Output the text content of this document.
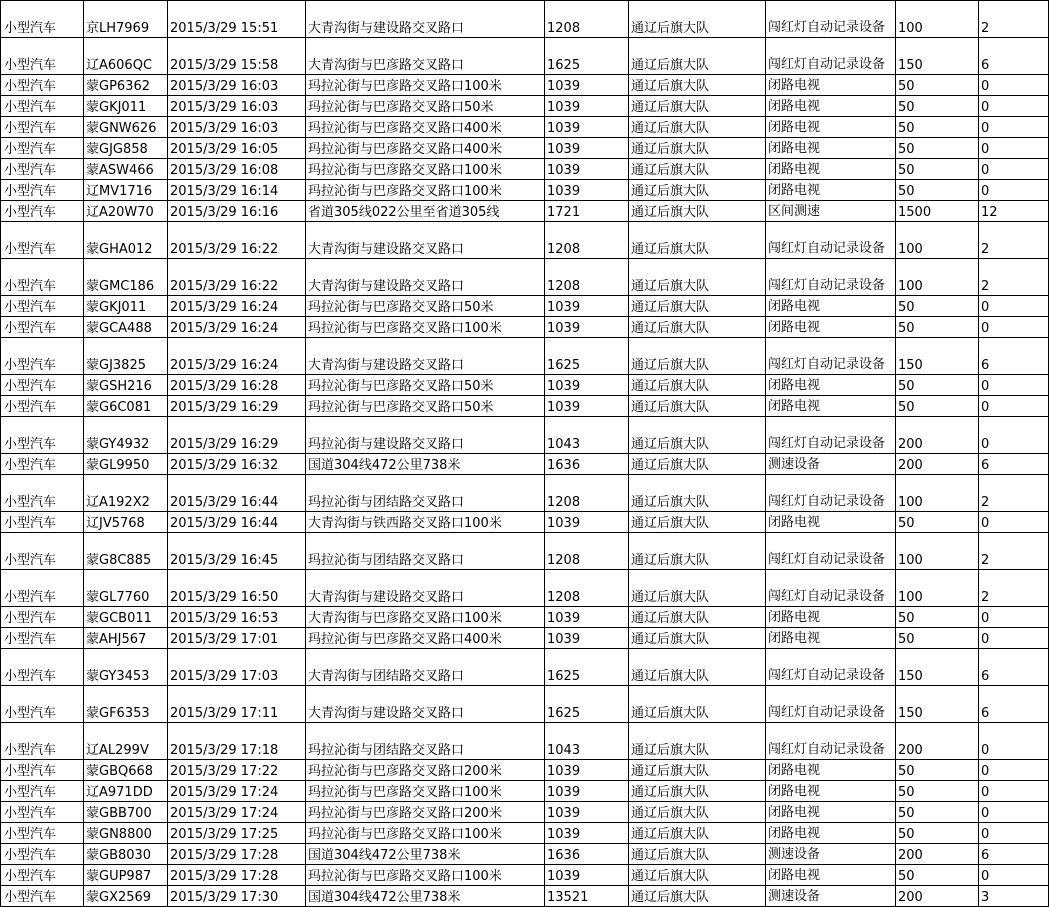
小型汽车	京LH7969	2015/3/29 15:51	大青沟街与建设路交叉路口	1208	通辽后旗大队	闯红灯自动记录设备	100	2
小型汽车	辽A606QC	2015/3/29 15:58	大青沟街与巴彦路交叉路口	1625	通辽后旗大队	闯红灯自动记录设备	150	6
小型汽车	蒙GP6362	2015/3/29 16:03	玛拉沁街与巴彦路交叉路口100米	1039	通辽后旗大队	闭路电视	50	0
小型汽车	蒙GKJ011	2015/3/29 16:03	玛拉沁街与巴彦路交叉路口50米	1039	通辽后旗大队	闭路电视	50	0
小型汽车	蒙GNW626	2015/3/29 16:03	玛拉沁街与巴彦路交叉路口400米	1039	通辽后旗大队	闭路电视	50	0
小型汽车	蒙GJG858	2015/3/29 16:05	玛拉沁街与巴彦路交叉路口400米	1039	通辽后旗大队	闭路电视	50	0
小型汽车	蒙ASW466	2015/3/29 16:08	玛拉沁街与巴彦路交叉路口100米	1039	通辽后旗大队	闭路电视	50	0
小型汽车	辽MV1716	2015/3/29 16:14	玛拉沁街与巴彦路交叉路口100米	1039	通辽后旗大队	闭路电视	50	0
小型汽车	辽A20W70	2015/3/29 16:16	省道305线022公里至省道305线	1721	通辽后旗大队	区间测速	1500	12
小型汽车	蒙GHA012	2015/3/29 16:22	大青沟街与建设路交叉路口	1208	通辽后旗大队	闯红灯自动记录设备	100	2
小型汽车	蒙GMC186	2015/3/29 16:22	大青沟街与建设路交叉路口	1208	通辽后旗大队	闯红灯自动记录设备	100	2
小型汽车	蒙GKJ011	2015/3/29 16:24	玛拉沁街与巴彦路交叉路口50米	1039	通辽后旗大队	闭路电视	50	0
小型汽车	蒙GCA488	2015/3/29 16:24	玛拉沁街与巴彦路交叉路口100米	1039	通辽后旗大队	闭路电视	50	0
小型汽车	蒙GJ3825	2015/3/29 16:24	大青沟街与建设路交叉路口	1625	通辽后旗大队	闯红灯自动记录设备	150	6
小型汽车	蒙GSH216	2015/3/29 16:28	玛拉沁街与巴彦路交叉路口50米	1039	通辽后旗大队	闭路电视	50	0
小型汽车	蒙G6C081	2015/3/29 16:29	玛拉沁街与巴彦路交叉路口50米	1039	通辽后旗大队	闭路电视	50	0
小型汽车	蒙GY4932	2015/3/29 16:29	玛拉沁街与建设路交叉路口	1043	通辽后旗大队	闯红灯自动记录设备	200	0
小型汽车	蒙GL9950	2015/3/29 16:32	国道304线472公里738米	1636	通辽后旗大队	测速设备	200	6
小型汽车	辽A192X2	2015/3/29 16:44	玛拉沁街与团结路交叉路口	1208	通辽后旗大队	闯红灯自动记录设备	100	2
小型汽车	辽JV5768	2015/3/29 16:44	大青沟街与铁西路交叉路口100米	1039	通辽后旗大队	闭路电视	50	0
小型汽车	蒙G8C885	2015/3/29 16:45	玛拉沁街与团结路交叉路口	1208	通辽后旗大队	闯红灯自动记录设备	100	2
小型汽车	蒙GL7760	2015/3/29 16:50	大青沟街与建设路交叉路口	1208	通辽后旗大队	闯红灯自动记录设备	100	2
小型汽车	蒙GCB011	2015/3/29 16:53	大青沟街与巴彦路交叉路口100米	1039	通辽后旗大队	闭路电视	50	0
小型汽车	蒙AHJ567	2015/3/29 17:01	玛拉沁街与巴彦路交叉路口400米	1039	通辽后旗大队	闭路电视	50	0
小型汽车	蒙GY3453	2015/3/29 17:03	大青沟街与团结路交叉路口	1625	通辽后旗大队	闯红灯自动记录设备	150	6
小型汽车	蒙GF6353	2015/3/29 17:11	大青沟街与建设路交叉路口	1625	通辽后旗大队	闯红灯自动记录设备	150	6
小型汽车	辽AL299V	2015/3/29 17:18	玛拉沁街与团结路交叉路口	1043	通辽后旗大队	闯红灯自动记录设备	200	0
小型汽车	蒙GBQ668	2015/3/29 17:22	玛拉沁街与巴彦路交叉路口200米	1039	通辽后旗大队	闭路电视	50	0
小型汽车	辽A971DD	2015/3/29 17:24	玛拉沁街与巴彦路交叉路口100米	1039	通辽后旗大队	闭路电视	50	0
小型汽车	蒙GBB700	2015/3/29 17:24	玛拉沁街与巴彦路交叉路口200米	1039	通辽后旗大队	闭路电视	50	0
小型汽车	蒙GN8800	2015/3/29 17:25	玛拉沁街与巴彦路交叉路口100米	1039	通辽后旗大队	闭路电视	50	0
小型汽车	蒙GB8030	2015/3/29 17:28	国道304线472公里738米	1636	通辽后旗大队	测速设备	200	6
小型汽车	蒙GUP987	2015/3/29 17:28	玛拉沁街与巴彦路交叉路口100米	1039	通辽后旗大队	闭路电视	50	0
小型汽车	蒙GX2569	2015/3/29 17:30	国道304线472公里738米	13521	通辽后旗大队	测速设备	200	3
